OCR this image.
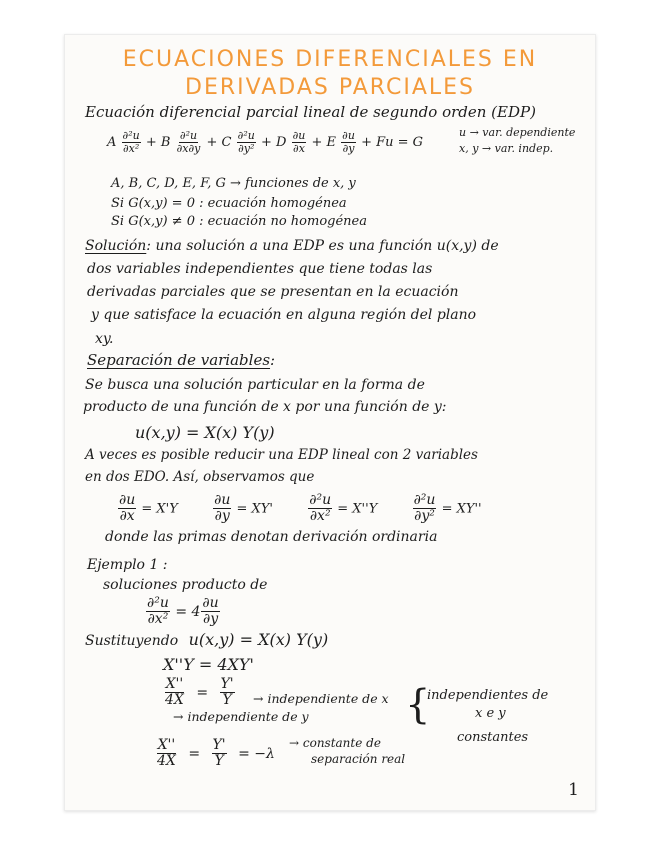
ECUACIONES DIFERENCIALES EN
DERIVADAS PARCIALES
Ecuación diferencial parcial lineal de segundo orden (EDP)
A $\frac{\text{∂²u}}{\text{∂x²}} + B \frac{\text{∂²u}}{\partial x\partial y} + C \frac{\text{∂²u}}{\text{∂y²}} + D \frac{\partial u}{\partial x} + E \frac{\partial u}{\partial y} + Fu = G$
u → var. dependiente
x, y → var. indep.
A, B, C, D, E, F, G → funciones de x, y
Si G(x,y) = 0 : ecuación homogénea
Si G(x,y) ≠ 0 : ecuación no homogénea
Solución: una solución a una EDP es una función u(x,y) de
dos variables independientes que tiene todas las
derivadas parciales que se presentan en la ecuación
y que satisface la ecuación en alguna región del plano
xy.
Separación de variables:
Se busca una solución particular en la forma de
producto de una función de x por una función de y:
u(x,y) = X(x) Y(y)
A veces es posible reducir una EDP lineal con 2 variables
en dos EDO. Así, observamos que
$\frac{\partial u}{\partial x} = X'Y$	$\frac{\partial u}{\partial y} = XY'$	$\frac{\text{∂²u}}{\text{∂x²}} = X''Y$	$\frac{\text{∂²u}}{\text{∂y²}} = XY''$
donde las primas denotan derivación ordinaria
Ejemplo 1 :
soluciones producto de
$\frac{\text{∂²u}}{\text{∂x²}} = 4 \frac{\partial u}{\partial y}$
Sustituyendo u(x,y) = X(x) Y(y)
X''Y = 4XY'
$\frac{X''}{4X} = \frac{Y'}{Y}$ → independiente de x
→ independiente de y {
independientes de
x e y
constantes
$\frac{X''}{4X} = \frac{Y'}{Y} = -\lambda$
→ constante de
separación real
1
